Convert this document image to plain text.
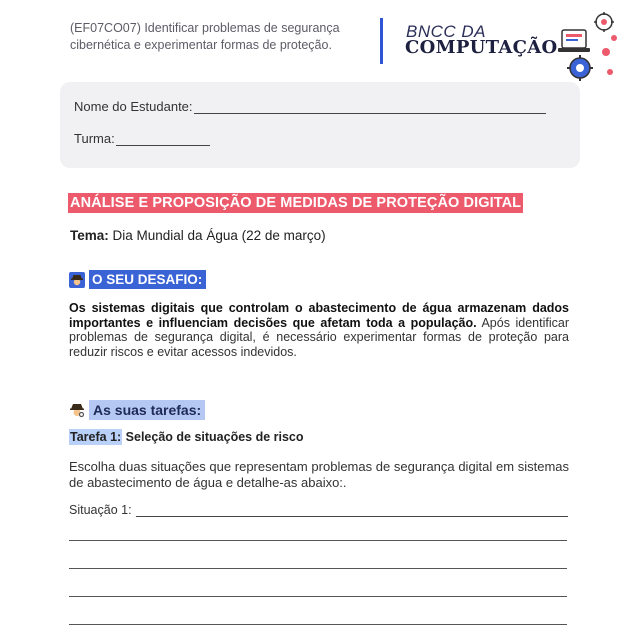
(EF07CO07) Identificar problemas de segurança
cibernética e experimentar formas de proteção.
BNCC DA
COMPUTAÇÃO
Nome do Estudante:
Turma:
ANÁLISE E PROPOSIÇÃO DE MEDIDAS DE PROTEÇÃO DIGITAL
Tema: Dia Mundial da Água (22 de março)
O SEU DESAFIO:
Os sistemas digitais que controlam o abastecimento de água armazenam dados importantes e influenciam decisões que afetam toda a população. Após identificar problemas de segurança digital, é necessário experimentar formas de proteção para reduzir riscos e evitar acessos indevidos.
As suas tarefas:
Tarefa 1: Seleção de situações de risco
Escolha duas situações que representam problemas de segurança digital em sistemas de abastecimento de água e detalhe-as abaixo:.
Situação 1:
